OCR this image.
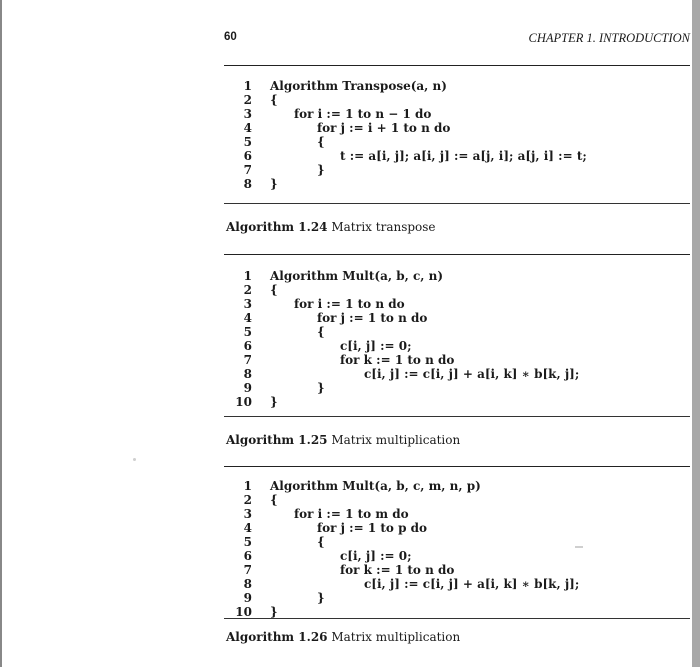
60	CHAPTER 1. INTRODUCTION
1 Algorithm Transpose(a, n)
2 {
3	for i := 1 to n − 1 do
4	for j := i + 1 to n do
5	{
6	t := a[i, j]; a[i, j] := a[j, i]; a[j, i] := t;
7	}
8 }
Algorithm 1.24 Matrix transpose
1 Algorithm Mult(a, b, c, n)
2 {
3	for i := 1 to n do
4	for j := 1 to n do
5	{
6	c[i, j] := 0;
7	for k := 1 to n do
8	c[i, j] := c[i, j] + a[i, k] ∗ b[k, j];
9	}
10 }
Algorithm 1.25 Matrix multiplication
1 Algorithm Mult(a, b, c, m, n, p)
2 {
3	for i := 1 to m do
4	for j := 1 to p do
5	{
6	c[i, j] := 0;
7	for k := 1 to n do
8	c[i, j] := c[i, j] + a[i, k] ∗ b[k, j];
9	}
10 }
Algorithm 1.26 Matrix multiplication
